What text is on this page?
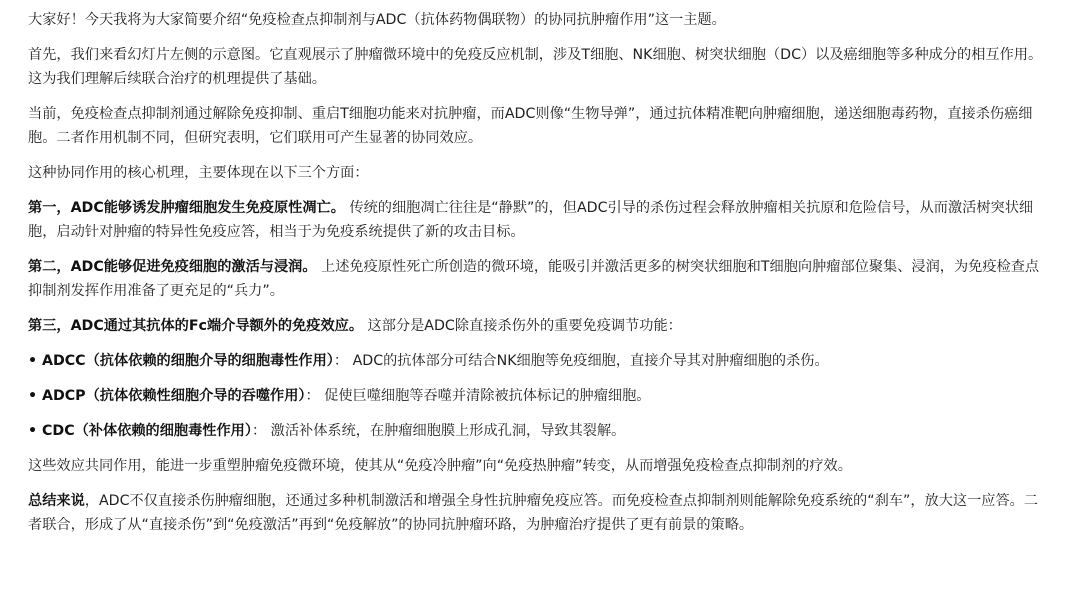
大家好！今天我将为大家简要介绍“免疫检查点抑制剂与ADC（抗体药物偶联物）的协同抗肿瘤作用”这一主题。

首先，我们来看幻灯片左侧的示意图。它直观展示了肿瘤微环境中的免疫反应机制，涉及T细胞、NK细胞、树突状细胞（DC）以及癌细胞等多种成分的相互作用。这为我们理解后续联合治疗的机理提供了基础。

当前，免疫检查点抑制剂通过解除免疫抑制、重启T细胞功能来对抗肿瘤，而ADC则像“生物导弹”，通过抗体精准靶向肿瘤细胞，递送细胞毒药物，直接杀伤癌细胞。二者作用机制不同，但研究表明，它们联用可产生显著的协同效应。

这种协同作用的核心机理，主要体现在以下三个方面：

第一，ADC能够诱发肿瘤细胞发生免疫原性凋亡。 传统的细胞凋亡往往是“静默”的，但ADC引导的杀伤过程会释放肿瘤相关抗原和危险信号，从而激活树突状细胞，启动针对肿瘤的特异性免疫应答，相当于为免疫系统提供了新的攻击目标。

第二，ADC能够促进免疫细胞的激活与浸润。 上述免疫原性死亡所创造的微环境，能吸引并激活更多的树突状细胞和T细胞向肿瘤部位聚集、浸润，为免疫检查点抑制剂发挥作用准备了更充足的“兵力”。

第三，ADC通过其抗体的Fc端介导额外的免疫效应。 这部分是ADC除直接杀伤外的重要免疫调节功能：

• ADCC（抗体依赖的细胞介导的细胞毒性作用）： ADC的抗体部分可结合NK细胞等免疫细胞，直接介导其对肿瘤细胞的杀伤。

• ADCP（抗体依赖性细胞介导的吞噬作用）： 促使巨噬细胞等吞噬并清除被抗体标记的肿瘤细胞。

• CDC（补体依赖的细胞毒性作用）： 激活补体系统，在肿瘤细胞膜上形成孔洞，导致其裂解。

这些效应共同作用，能进一步重塑肿瘤免疫微环境，使其从“免疫冷肿瘤”向“免疫热肿瘤”转变，从而增强免疫检查点抑制剂的疗效。

总结来说，ADC不仅直接杀伤肿瘤细胞，还通过多种机制激活和增强全身性抗肿瘤免疫应答。而免疫检查点抑制剂则能解除免疫系统的“刹车”，放大这一应答。二者联合，形成了从“直接杀伤”到“免疫激活”再到“免疫解放”的协同抗肿瘤环路，为肿瘤治疗提供了更有前景的策略。
